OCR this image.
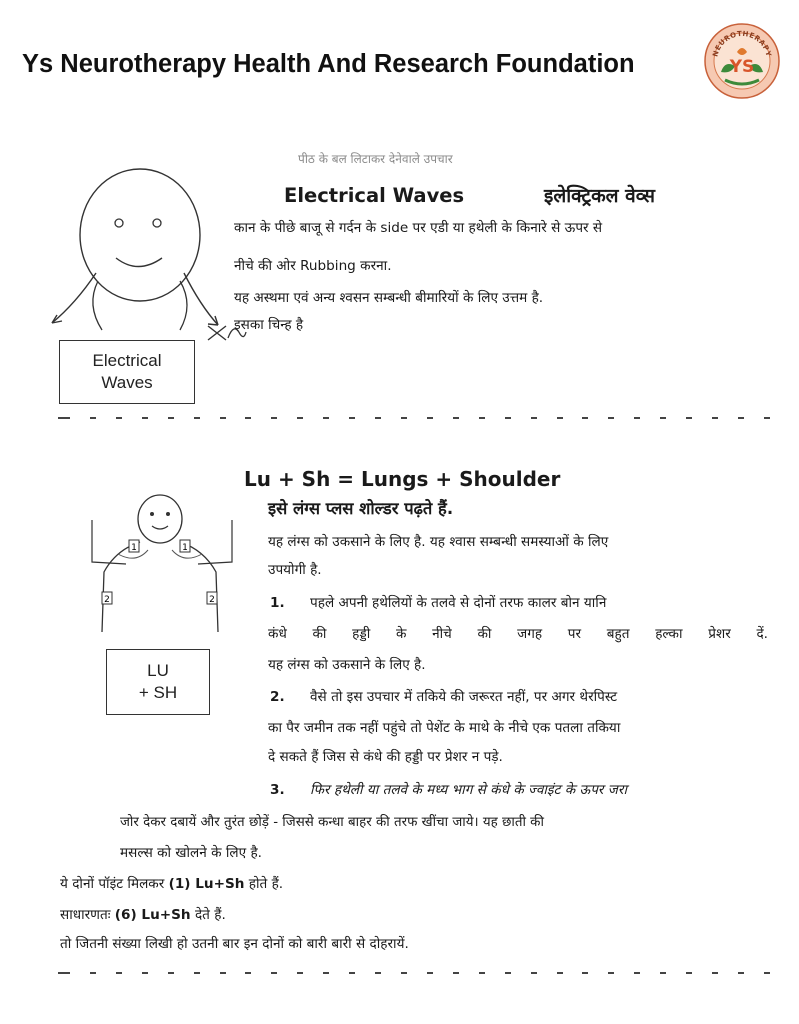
Ys Neurotherapy Health And Research Foundation	NEUROTHERAPY
YS
पीठ के बल लिटाकर देनेवाले उपचार
Electrical Waves	इलेक्ट्रिकल वेव्स
कान के पीछे बाजू से गर्दन के side पर एडी या हथेली के किनारे से ऊपर से
नीचे की ओर Rubbing करना.
यह अस्थमा एवं अन्य श्वसन सम्बन्धी बीमारियों के लिए उत्तम है.
इसका चिन्ह है
Electrical
Waves
Lu + Sh = Lungs + Shoulder
इसे लंग्स प्लस शोल्डर पढ़ते हैं.
1	1
2	2
LU
+ SH
यह लंग्स को उकसाने के लिए है. यह श्वास सम्बन्धी समस्याओं के लिए
उपयोगी है.
1. पहले अपनी हथेलियों के तलवे से दोनों तरफ कालर बोन यानि
कंधे की हड्डी के नीचे की जगह पर बहुत हल्का प्रेशर दें.
यह लंग्स को उकसाने के लिए है.
2. वैसे तो इस उपचार में तकिये की जरूरत नहीं, पर अगर थेरपिस्ट
का पैर जमीन तक नहीं पहुंचे तो पेशेंट के माथे के नीचे एक पतला तकिया
दे सकते हैं जिस से कंधे की हड्डी पर प्रेशर न पड़े.
3. फिर हथेली या तलवे के मध्य भाग से कंधे के ज्वाइंट के ऊपर जरा
जोर देकर दबायें और तुरंत छोड़ें - जिससे कन्धा बाहर की तरफ खींचा जाये। यह छाती की
मसल्स को खोलने के लिए है.
ये दोनों पॉइंट मिलकर (1) Lu+Sh होते हैं.
साधारणतः (6) Lu+Sh देते हैं.
तो जितनी संख्या लिखी हो उतनी बार इन दोनों को बारी बारी से दोहरायें.
